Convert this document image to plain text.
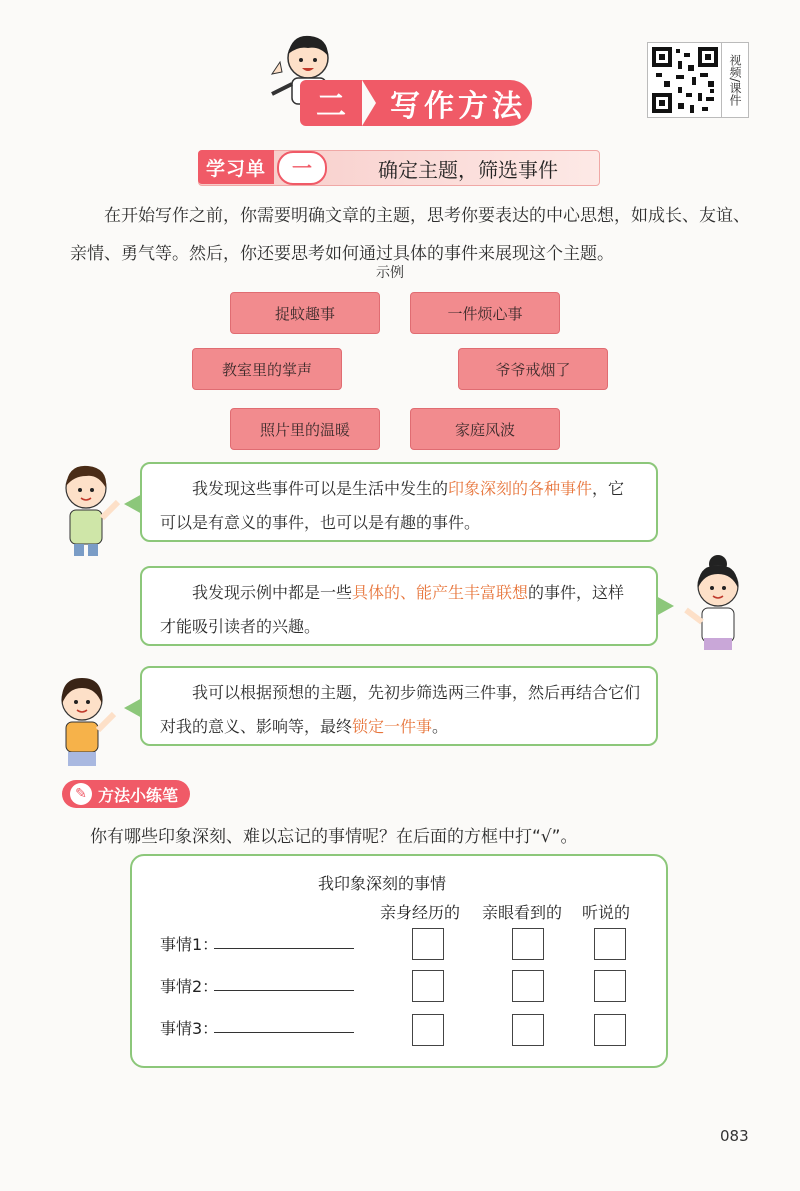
二	写作方法
视频/课件
学习单	一	确定主题，筛选事件
在开始写作之前，你需要明确文章的主题，思考你要表达的中心思想，如成长、友谊、亲情、勇气等。然后，你还要思考如何通过具体的事件来展现这个主题。
示例
捉蚊趣事	一件烦心事
教室里的掌声	爷爷戒烟了
照片里的温暖	家庭风波
我发现这些事件可以是生活中发生的印象深刻的各种事件，它可以是有意义的事件，也可以是有趣的事件。
我发现示例中都是一些具体的、能产生丰富联想的事件，这样才能吸引读者的兴趣。
我可以根据预想的主题，先初步筛选两三件事，然后再结合它们对我的意义、影响等，最终锁定一件事。
✎ 方法小练笔
你有哪些印象深刻、难以忘记的事情呢？在后面的方框中打“√”。
我印象深刻的事情
亲身经历的 亲眼看到的 听说的
事情1：
事情2：
事情3：
083
